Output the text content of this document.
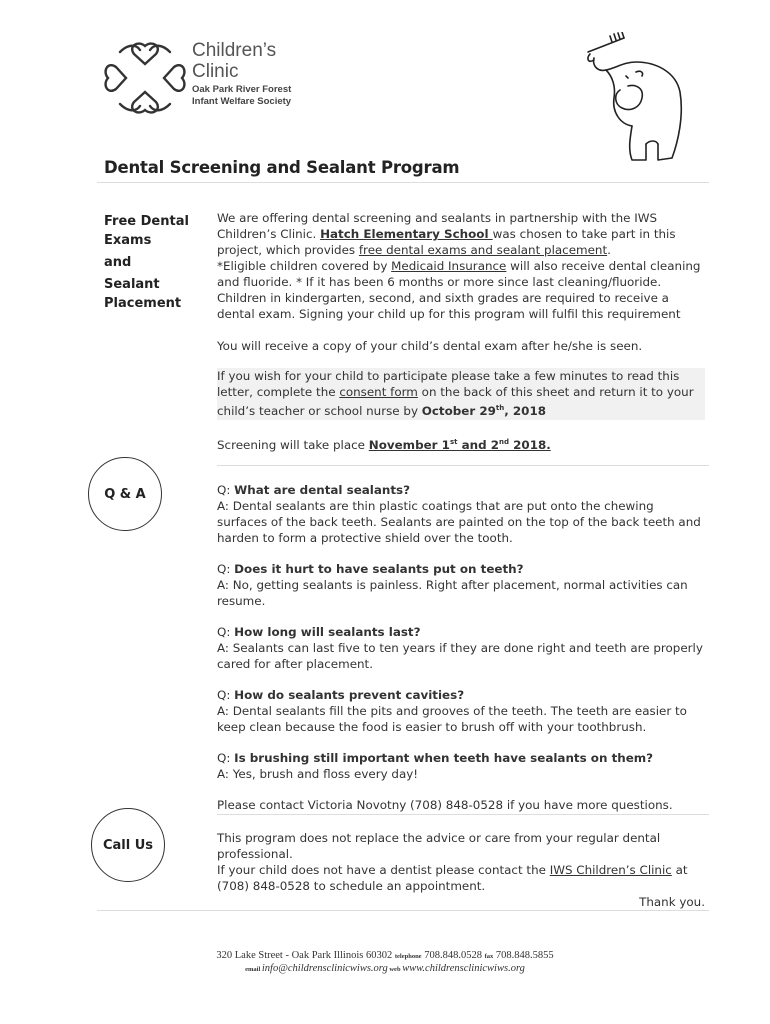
Children’s
Clinic
Oak Park River Forest
Infant Welfare Society
Dental Screening and Sealant Program
Free Dental
Exams
and
Sealant
Placement

We are offering dental screening and sealants in partnership with the IWS Children’s Clinic. Hatch Elementary School was chosen to take part in this project, which provides free dental exams and sealant placement.
*Eligible children covered by Medicaid Insurance will also receive dental cleaning and fluoride. * If it has been 6 months or more since last cleaning/fluoride. Children in kindergarten, second, and sixth grades are required to receive a dental exam. Signing your child up for this program will fulfil this requirement

You will receive a copy of your child’s dental exam after he/she is seen.

If you wish for your child to participate please take a few minutes to read this letter, complete the consent form on the back of this sheet and return it to your child’s teacher or school nurse by October 29th, 2018

Screening will take place November 1st and 2nd 2018.

Q & A	Q: What are dental sealants?
A: Dental sealants are thin plastic coatings that are put onto the chewing surfaces of the back teeth. Sealants are painted on the top of the back teeth and harden to form a protective shield over the tooth.

Q: Does it hurt to have sealants put on teeth?
A: No, getting sealants is painless. Right after placement, normal activities can resume.

Q: How long will sealants last?
A: Sealants can last five to ten years if they are done right and teeth are properly cared for after placement.

Q: How do sealants prevent cavities?
A: Dental sealants fill the pits and grooves of the teeth. The teeth are easier to keep clean because the food is easier to brush off with your toothbrush.

Q: Is brushing still important when teeth have sealants on them?
A: Yes, brush and floss every day!

Please contact Victoria Novotny (708) 848-0528 if you have more questions.

Call Us	This program does not replace the advice or care from your regular dental professional.
If your child does not have a dentist please contact the IWS Children’s Clinic at (708) 848-0528 to schedule an appointment.

Thank you.

320 Lake Street - Oak Park Illinois 60302 telephone 708.848.0528 fax 708.848.5855
email info@childrensclinicwiws.org web www.childrensclinicwiws.org
